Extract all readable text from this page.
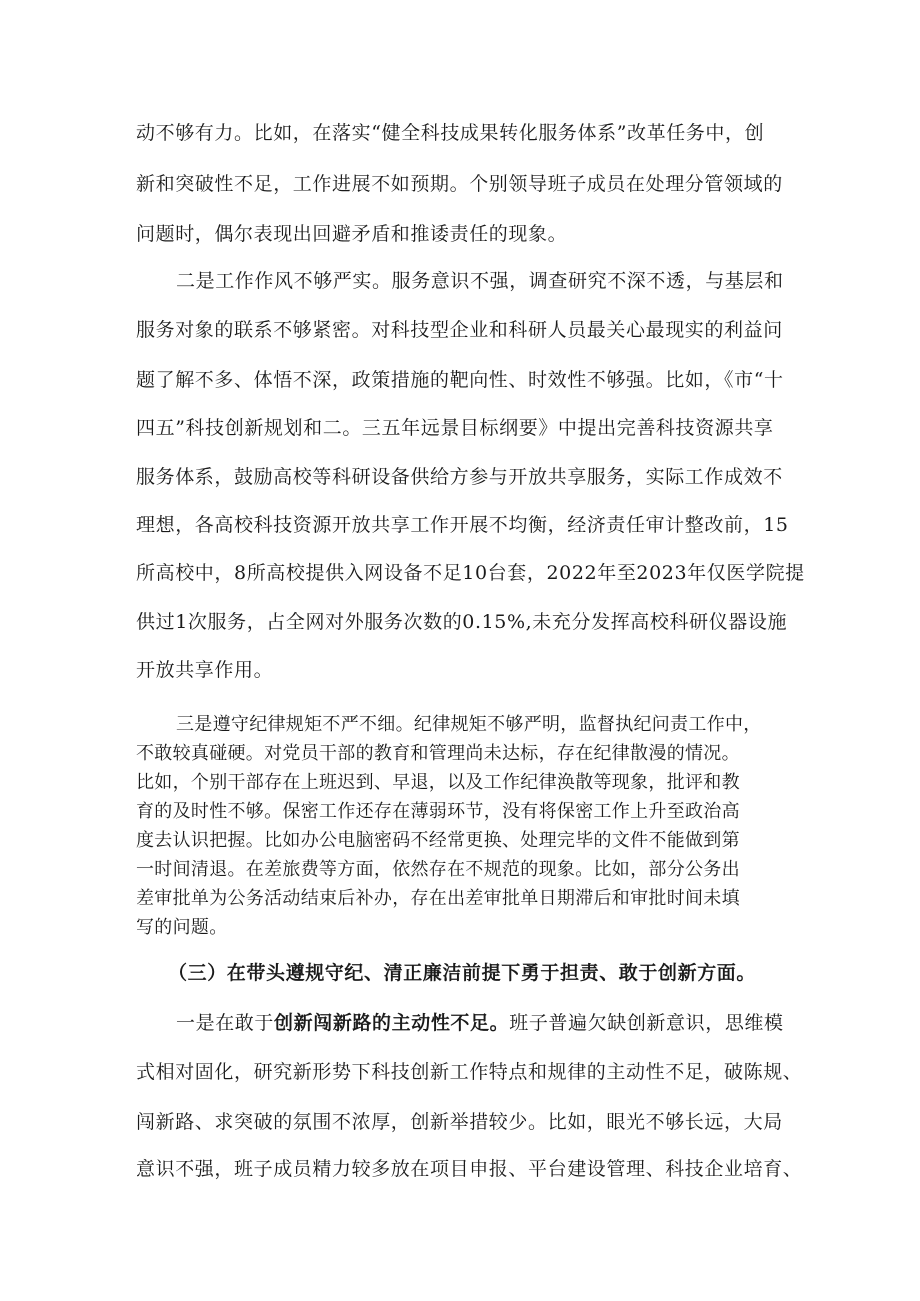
动不够有力。比如，在落实“健全科技成果转化服务体系”改革任务中，创
新和突破性不足，工作进展不如预期。个别领导班子成员在处理分管领域的
问题时，偶尔表现出回避矛盾和推诿责任的现象。
二是工作作风不够严实。服务意识不强，调查研究不深不透，与基层和
服务对象的联系不够紧密。对科技型企业和科研人员最关心最现实的利益问
题了解不多、体悟不深，政策措施的靶向性、时效性不够强。比如，《市“十
四五”科技创新规划和二。三五年远景目标纲要》中提出完善科技资源共享
服务体系，鼓励高校等科研设备供给方参与开放共享服务，实际工作成效不
理想，各高校科技资源开放共享工作开展不均衡，经济责任审计整改前，15
所高校中，8所高校提供入网设备不足10台套，2022年至2023年仅医学院提
供过1次服务，占全网对外服务次数的0.15%,未充分发挥高校科研仪器设施
开放共享作用。
三是遵守纪律规矩不严不细。纪律规矩不够严明，监督执纪问责工作中，
不敢较真碰硬。对党员干部的教育和管理尚未达标，存在纪律散漫的情况。
比如，个别干部存在上班迟到、早退，以及工作纪律涣散等现象，批评和教
育的及时性不够。保密工作还存在薄弱环节，没有将保密工作上升至政治高
度去认识把握。比如办公电脑密码不经常更换、处理完毕的文件不能做到第
一时间清退。在差旅费等方面，依然存在不规范的现象。比如，部分公务出
差审批单为公务活动结束后补办，存在出差审批单日期滞后和审批时间未填
写的问题。
（三）在带头遵规守纪、清正廉洁前提下勇于担责、敢于创新方面。
一是在敢于创新闯新路的主动性不足。班子普遍欠缺创新意识，思维模
式相对固化，研究新形势下科技创新工作特点和规律的主动性不足，破陈规、
闯新路、求突破的氛围不浓厚，创新举措较少。比如，眼光不够长远，大局
意识不强，班子成员精力较多放在项目申报、平台建设管理、科技企业培育、
